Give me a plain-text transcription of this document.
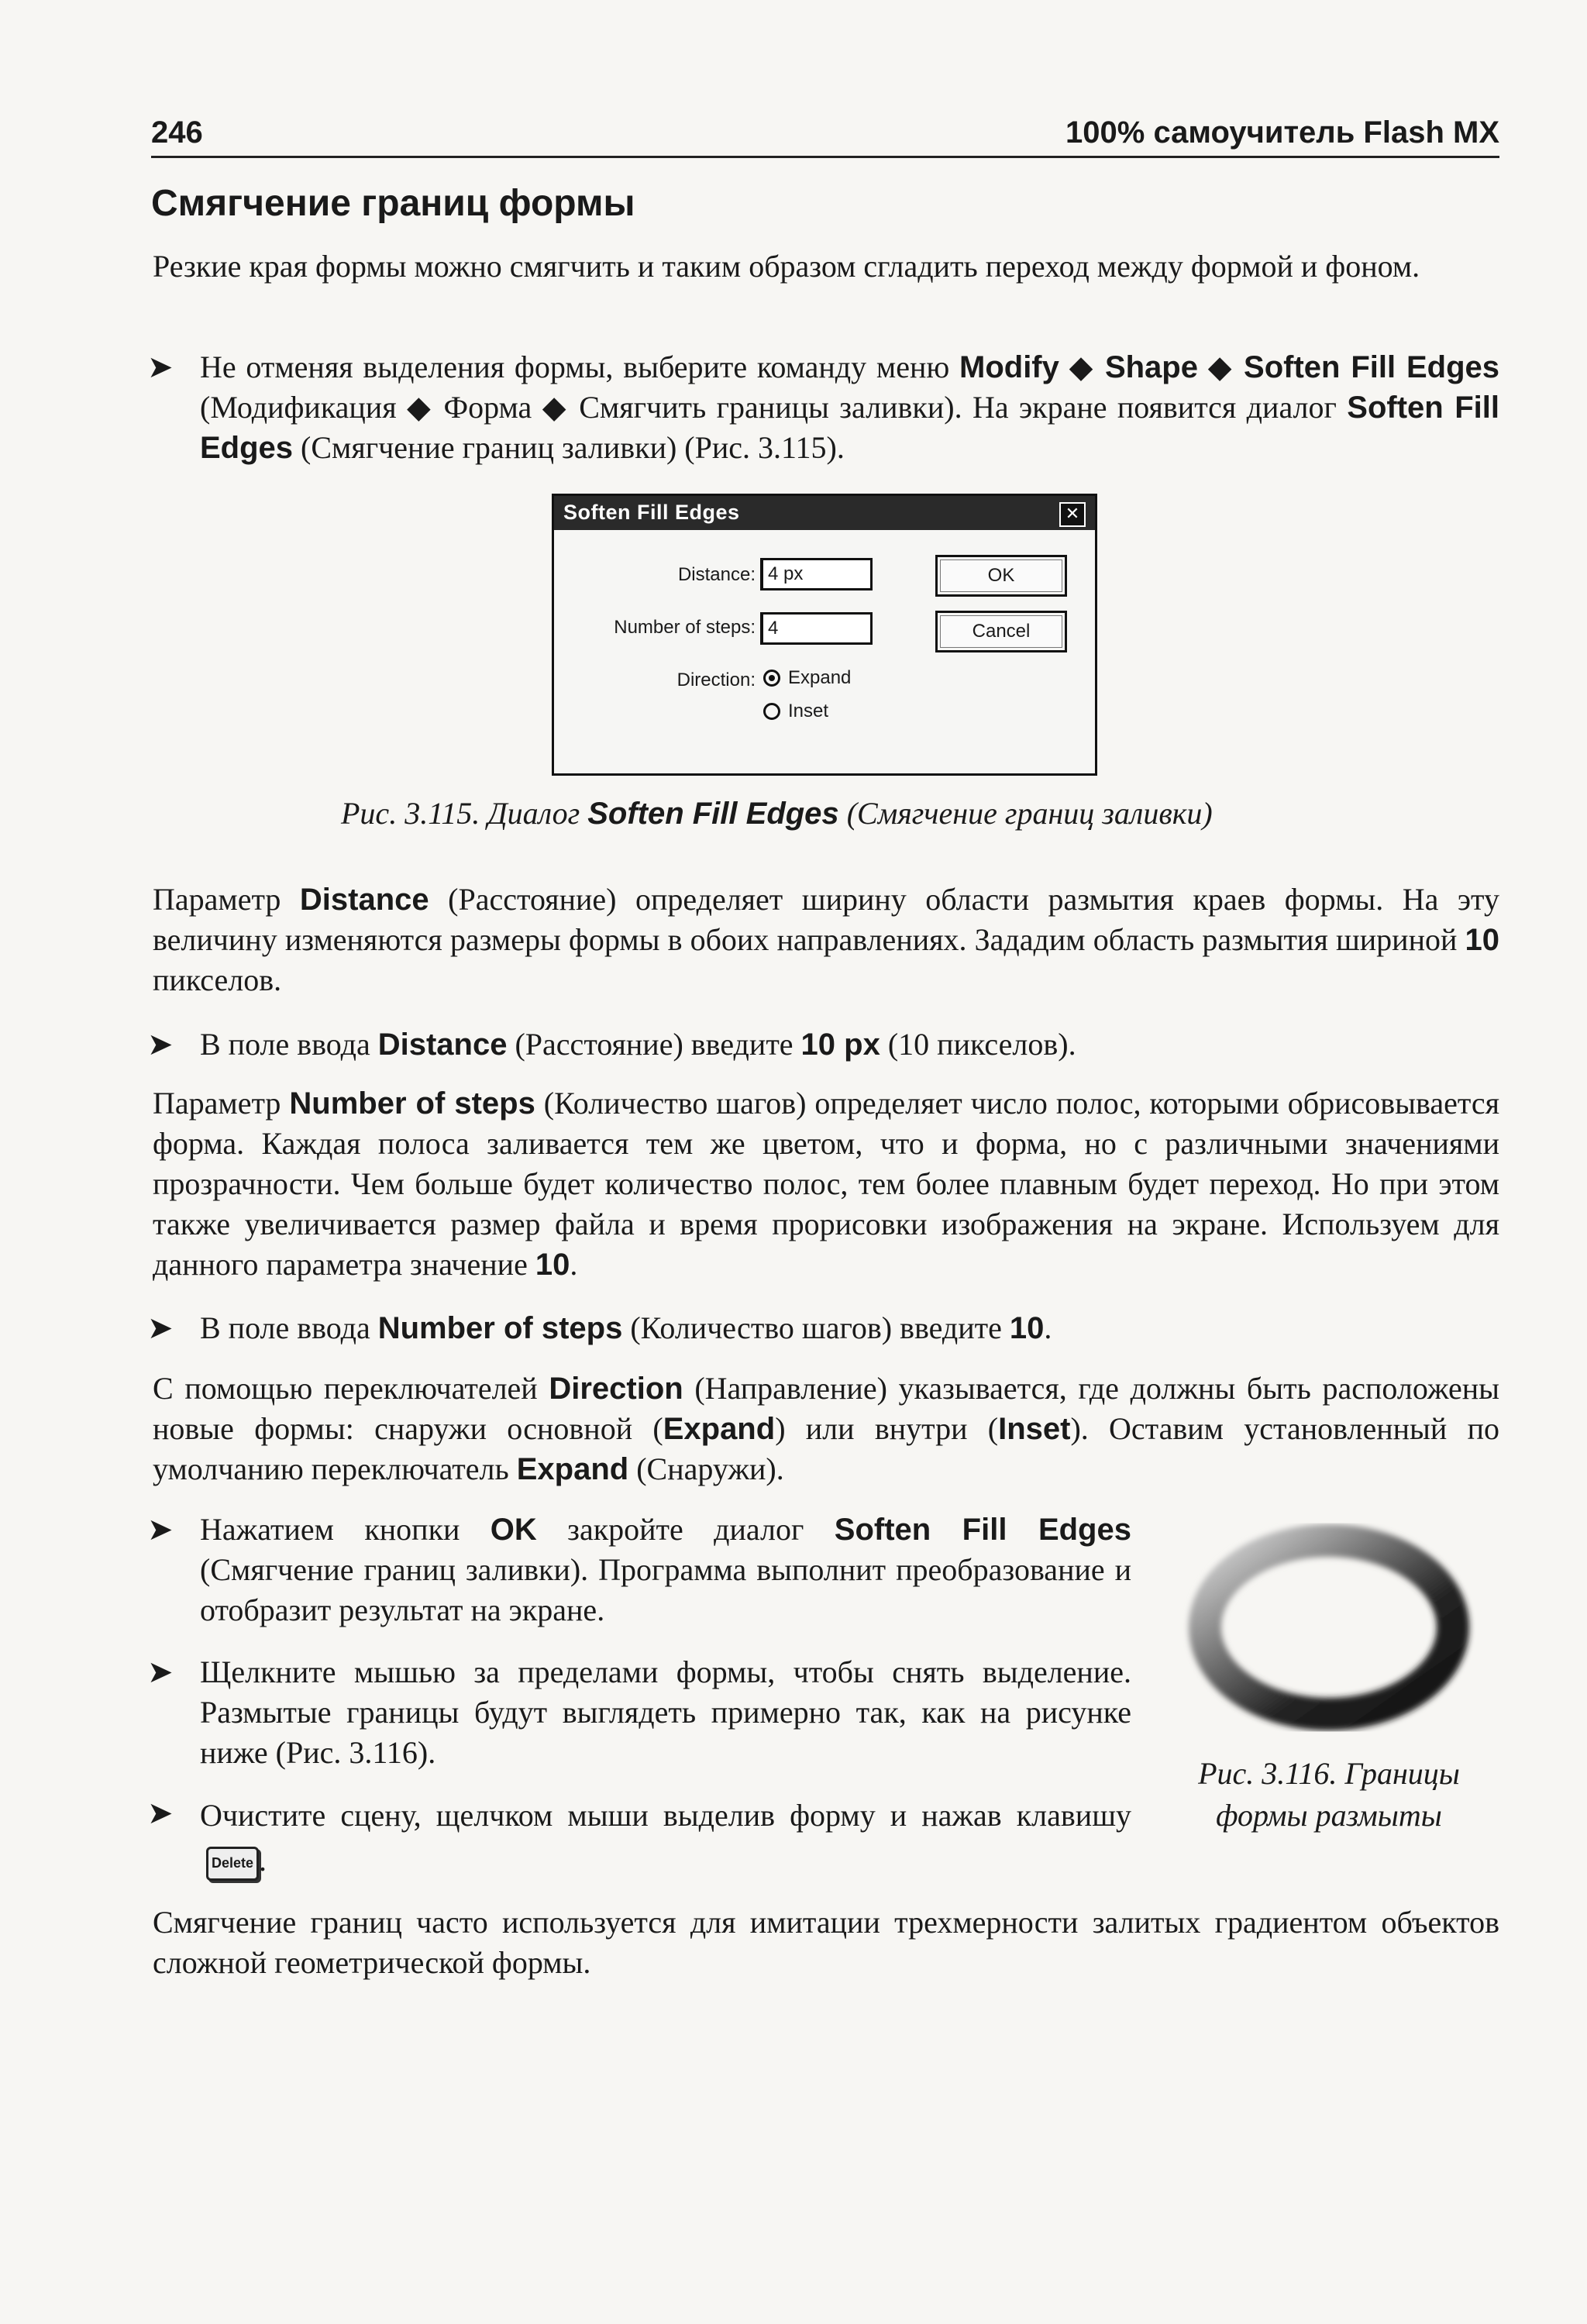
246	100% самоучитель Flash MX
Смягчение границ формы

Резкие края формы можно смягчить и таким образом сгладить переход между формой и фоном.

➤ Не отменяя выделения формы, выберите команду меню Modify ◆ Shape ◆ Soften Fill Edges (Модификация ◆ Форма ◆ Смягчить границы заливки). На экране появится диалог Soften Fill Edges (Смягчение границ заливки) (Рис. 3.115).

Soften Fill Edges	✕
Distance: 4 px
Number of steps: 4
Direction: Expand
Inset
OK
Cancel
Рис. 3.115. Диалог Soften Fill Edges (Смягчение границ заливки)

Параметр Distance (Расстояние) определяет ширину области размытия краев формы. На эту величину изменяются размеры формы в обоих направлениях. Зададим область размытия шириной 10 пикселов.

➤ В поле ввода Distance (Расстояние) введите 10 px (10 пикселов).

Параметр Number of steps (Количество шагов) определяет число полос, которыми обрисовывается форма. Каждая полоса заливается тем же цветом, что и форма, но с различными значениями прозрачности. Чем больше будет количество полос, тем более плавным будет переход. Но при этом также увеличивается размер файла и время прорисовки изображения на экране. Используем для данного параметра значение 10.

➤ В поле ввода Number of steps (Количество шагов) введите 10.

С помощью переключателей Direction (Направление) указывается, где должны быть расположены новые формы: снаружи основной (Expand) или внутри (Inset). Оставим установленный по умолчанию переключатель Expand (Снаружи).

➤ Нажатием кнопки OK закройте диалог Soften Fill Edges (Смягчение границ заливки). Программа выполнит преобразование и отобразит результат на экране.

➤ Щелкните мышью за пределами формы, чтобы снять выделение. Размытые границы будут выглядеть примерно так, как на рисунке ниже (Рис. 3.116).

➤ Очистите сцену, щелчком мыши выделив форму и нажав клавишу Delete .

Рис. 3.116. Границы формы размыты

Смягчение границ часто используется для имитации трехмерности залитых градиентом объектов сложной геометрической формы.
